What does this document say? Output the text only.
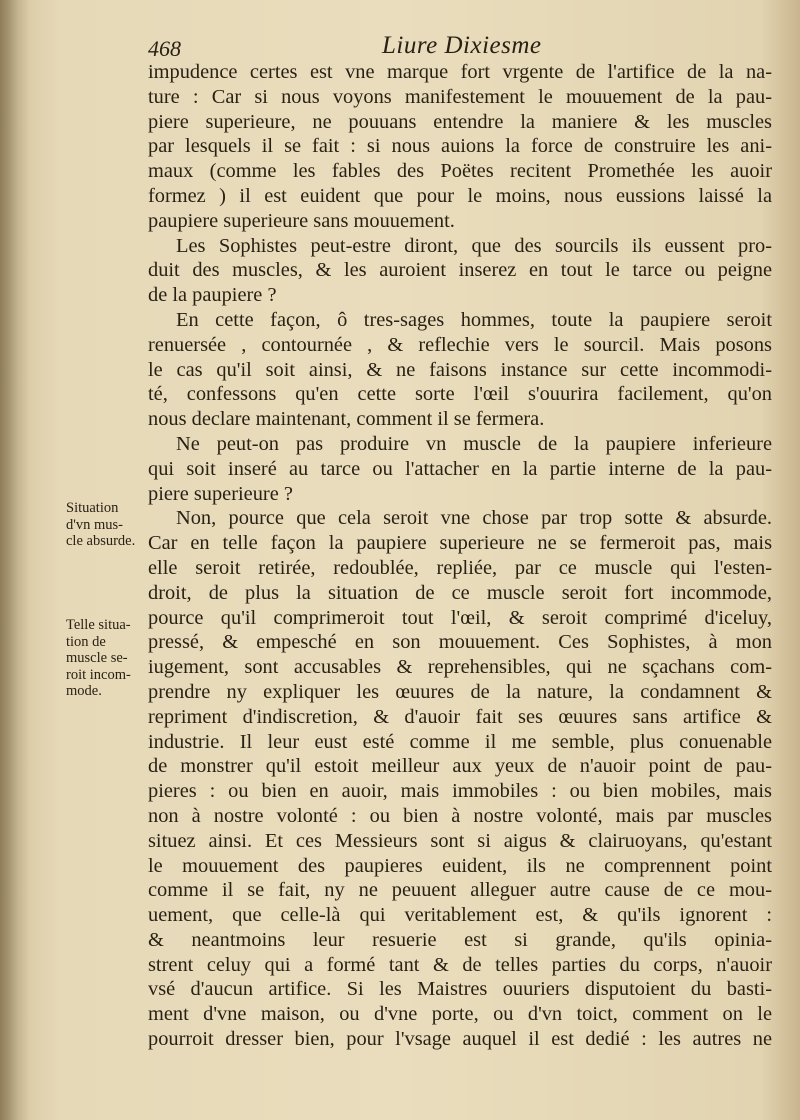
468	Liure Dixiesme
impudence certes est vne marque fort vrgente de l'artifice de la na-
ture : Car si nous voyons manifestement le mouuement de la pau-
piere superieure, ne pouuans entendre la maniere & les muscles
par lesquels il se fait : si nous auions la force de construire les ani-
maux (comme les fables des Poëtes recitent Promethée les auoir
formez ) il est euident que pour le moins, nous eussions laissé la
paupiere superieure sans mouuement.
Les Sophistes peut-estre diront, que des sourcils ils eussent pro-
duit des muscles, & les auroient inserez en tout le tarce ou peigne
de la paupiere ?
En cette façon, ô tres-sages hommes, toute la paupiere seroit
renuersée , contournée , & reflechie vers le sourcil. Mais posons
le cas qu'il soit ainsi, & ne faisons instance sur cette incommodi-
té, confessons qu'en cette sorte l'œil s'ouurira facilement, qu'on
nous declare maintenant, comment il se fermera.
Ne peut-on pas produire vn muscle de la paupiere inferieure
qui soit inseré au tarce ou l'attacher en la partie interne de la pau-
piere superieure ?
Non, pource que cela seroit vne chose par trop sotte & absurde.
Car en telle façon la paupiere superieure ne se fermeroit pas, mais
elle seroit retirée, redoublée, repliée, par ce muscle qui l'esten-
droit, de plus la situation de ce muscle seroit fort incommode,
pource qu'il comprimeroit tout l'œil, & seroit comprimé d'iceluy,
pressé, & empesché en son mouuement. Ces Sophistes, à mon
iugement, sont accusables & reprehensibles, qui ne sçachans com-
prendre ny expliquer les œuures de la nature, la condamnent &
repriment d'indiscretion, & d'auoir fait ses œuures sans artifice &
industrie. Il leur eust esté comme il me semble, plus conuenable
de monstrer qu'il estoit meilleur aux yeux de n'auoir point de pau-
pieres : ou bien en auoir, mais immobiles : ou bien mobiles, mais
non à nostre volonté : ou bien à nostre volonté, mais par muscles
situez ainsi. Et ces Messieurs sont si aigus & clairuoyans, qu'estant
le mouuement des paupieres euident, ils ne comprennent point
comme il se fait, ny ne peuuent alleguer autre cause de ce mou-
uement, que celle-là qui veritablement est, & qu'ils ignorent :
& neantmoins leur resuerie est si grande, qu'ils opinia-
strent celuy qui a formé tant & de telles parties du corps, n'auoir
vsé d'aucun artifice. Si les Maistres ouuriers disputoient du basti-
ment d'vne maison, ou d'vne porte, ou d'vn toict, comment on le
pourroit dresser bien, pour l'vsage auquel il est dedié : les autres ne
Situation
d'vn mus-
cle absurde.
Telle situa-
tion de
muscle se-
roit incom-
mode.
